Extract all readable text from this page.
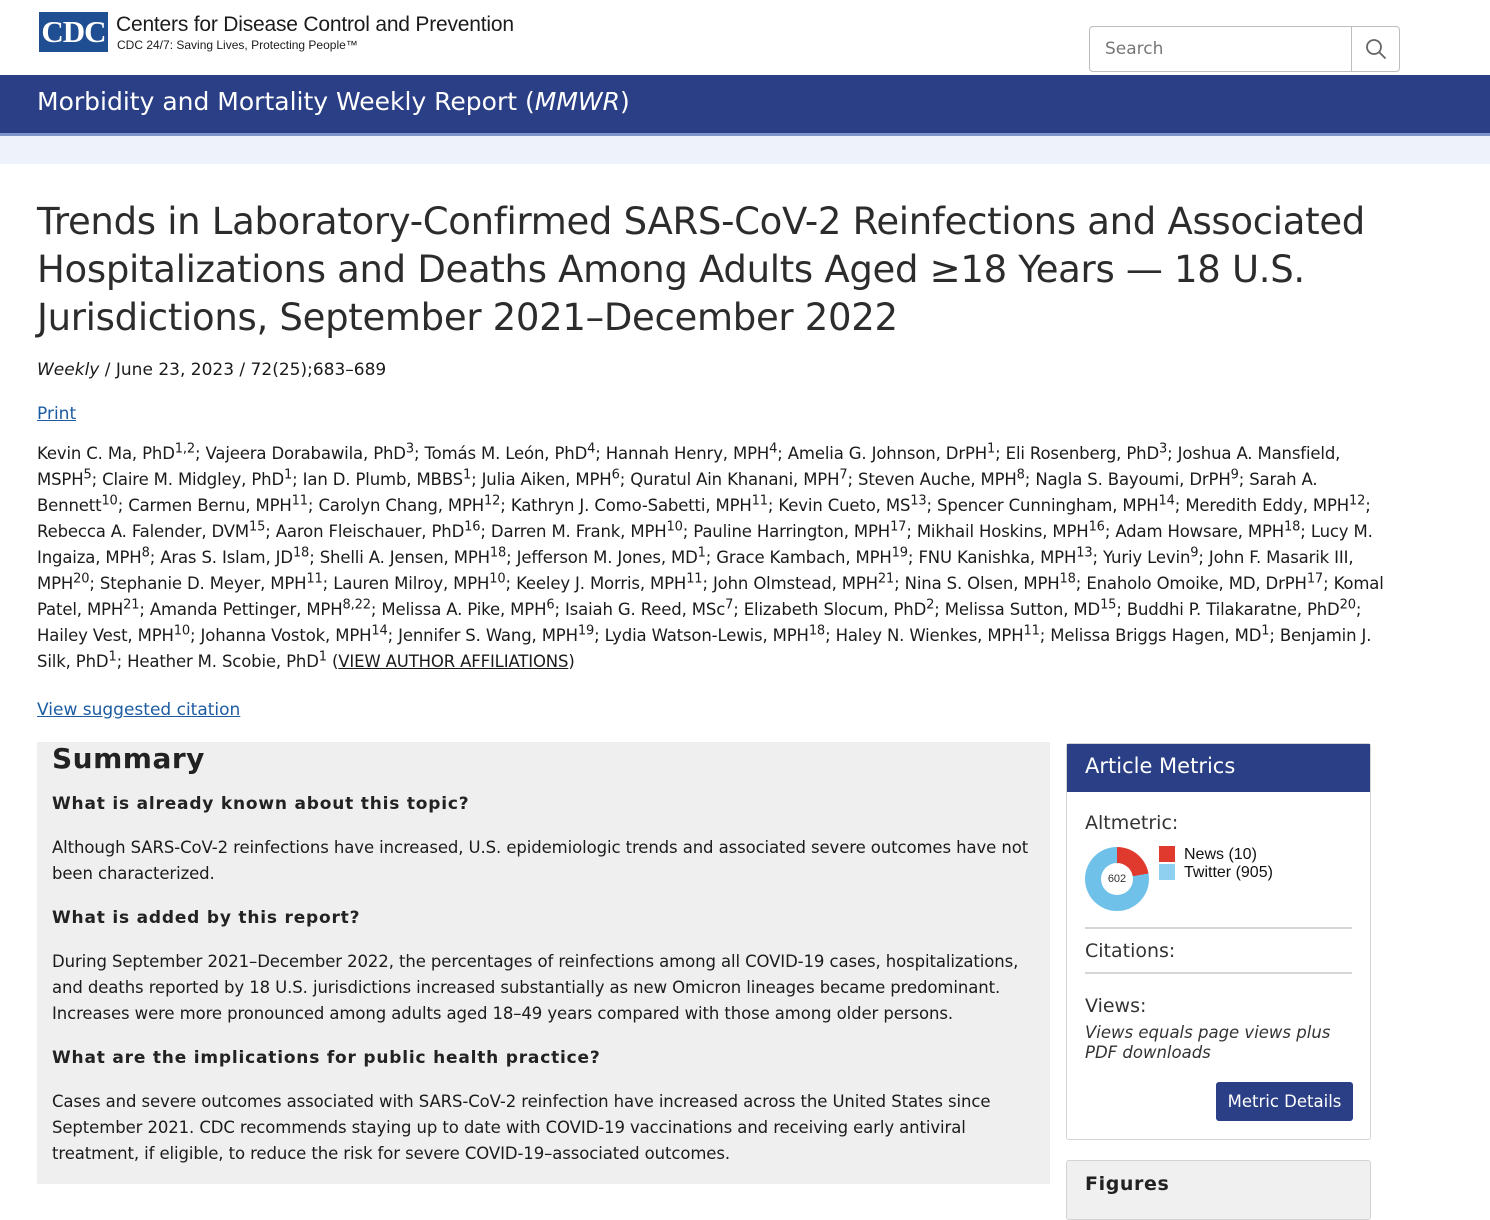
CDC Centers for Disease Control and Prevention
CDC 24/7: Saving Lives, Protecting People™
Search
Morbidity and Mortality Weekly Report (MMWR)
Trends in Laboratory-Confirmed SARS-CoV-2 Reinfections and Associated Hospitalizations and Deaths Among Adults Aged ≥18 Years — 18 U.S. Jurisdictions, September 2021–December 2022
Weekly / June 23, 2023 / 72(25);683–689
Print

Kevin C. Ma, PhD$^{1,2}$; Vajeera Dorabawila, PhD$^3$; Tomás M. León, PhD$^4$; Hannah Henry, MPH$^4$; Amelia G. Johnson, DrPH$^1$; Eli Rosenberg, PhD$^3$; Joshua A. Mansfield, MSPH$^5$; Claire M. Midgley, PhD$^1$; Ian D. Plumb, MBBS$^1$; Julia Aiken, MPH$^6$; Quratul Ain Khanani, MPH$^7$; Steven Auche, MPH$^8$; Nagla S. Bayoumi, DrPH$^9$; Sarah A. Bennett$^{10}$; Carmen Bernu, MPH$^{11}$; Carolyn Chang, MPH$^{12}$; Kathryn J. Como-Sabetti, MPH$^{11}$; Kevin Cueto, MS$^{13}$; Spencer Cunningham, MPH$^{14}$; Meredith Eddy, MPH$^{12}$; Rebecca A. Falender, DVM$^{15}$; Aaron Fleischauer, PhD$^{16}$; Darren M. Frank, MPH$^{10}$; Pauline Harrington, MPH$^{17}$; Mikhail Hoskins, MPH$^{16}$; Adam Howsare, MPH$^{18}$; Lucy M. Ingaiza, MPH$^8$; Aras S. Islam, JD$^{18}$; Shelli A. Jensen, MPH$^{18}$; Jefferson M. Jones, $MD^1$; Grace Kambach, MPH$^{19}$; FNU Kanishka, MPH$^{13}$; Yuriy Levin$^9$; John F. Masarik III, MPH$^{20}$; Stephanie D. Meyer, MPH$^{11}$; Lauren Milroy, MPH$^{10}$; Keeley J. Morris, MPH$^{11}$; John Olmstead, MPH$^{21}$; Nina S. Olsen, MPH$^{18}$; Enaholo Omoike, MD, DrPH$^{17}$; Komal Patel, MPH$^{21}$; Amanda Pettinger, MPH$^{8,22}$; Melissa A. Pike, MPH$^6$; Isaiah G. Reed, MSc$^7$; Elizabeth Slocum, PhD$^2$; Melissa Sutton, MD$^{15}$; Buddhi P. Tilakaratne, PhD$^{20}$; Hailey Vest, MPH$^{10}$; Johanna Vostok, MPH$^{14}$; Jennifer S. Wang, MPH$^{19}$; Lydia Watson-Lewis, MPH$^{18}$; Haley N. Wienkes, MPH$^{11}$; Melissa Briggs Hagen, $MD^1$; Benjamin J. Silk, PhD$^1$; Heather M. Scobie, PhD$^1$ (VIEW AUTHOR AFFILIATIONS)

View suggested citation
Summary

What is already known about this topic?

Although SARS-CoV-2 reinfections have increased, U.S. epidemiologic trends and associated severe outcomes have not been characterized.

What is added by this report?

During September 2021–December 2022, the percentages of reinfections among all COVID-19 cases, hospitalizations, and deaths reported by 18 U.S. jurisdictions increased substantially as new Omicron lineages became predominant. Increases were more pronounced among adults aged 18–49 years compared with those among older persons.

What are the implications for public health practice?

Cases and severe outcomes associated with SARS-CoV-2 reinfection have increased across the United States since September 2021. CDC recommends staying up to date with COVID-19 vaccinations and receiving early antiviral treatment, if eligible, to reduce the risk for severe COVID-19–associated outcomes.

Article Metrics
Altmetric:
602
News (10)
Twitter (905)
Citations:
Views:
Views equals page views plus PDF downloads
Metric Details
Figures
